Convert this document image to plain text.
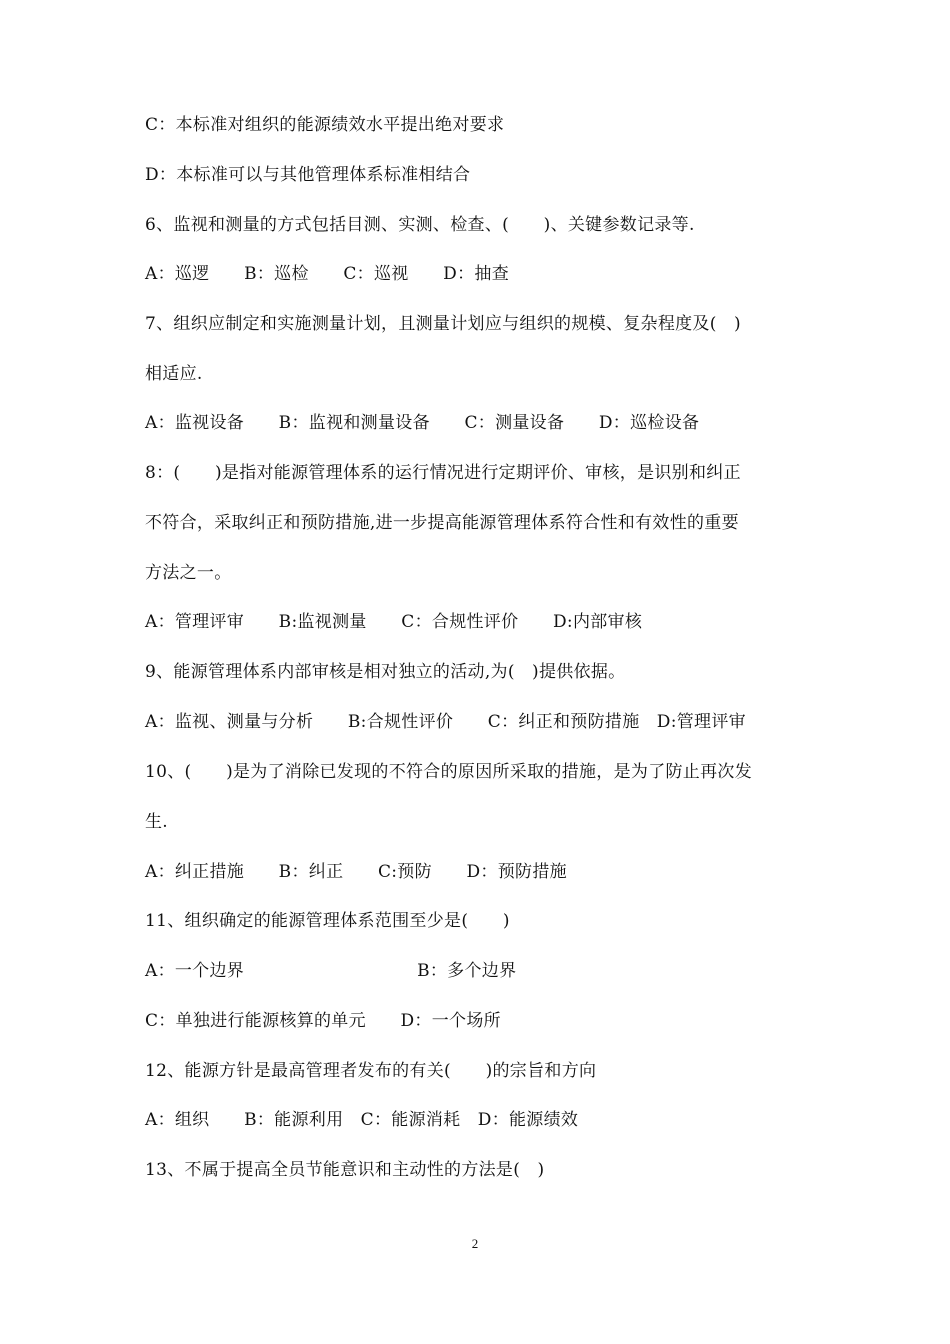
C：本标准对组织的能源绩效水平提出绝对要求
D：本标准可以与其他管理体系标准相结合
6、监视和测量的方式包括目测、实测、检查、(　　)、关键参数记录等.
A：巡逻　　B：巡检　　C：巡视　　D：抽查
7、组织应制定和实施测量计划，且测量计划应与组织的规模、复杂程度及(　)
相适应.
A：监视设备　　B：监视和测量设备　　C：测量设备　　D：巡检设备
8：(　　)是指对能源管理体系的运行情况进行定期评价、审核，是识别和纠正
不符合，采取纠正和预防措施,进一步提高能源管理体系符合性和有效性的重要
方法之一。
A：管理评审　　B:监视测量　　C：合规性评价　　D:内部审核
9、能源管理体系内部审核是相对独立的活动,为(　)提供依据。
A：监视、测量与分析　　B:合规性评价　　C：纠正和预防措施　D:管理评审
10、(　　)是为了消除已发现的不符合的原因所采取的措施，是为了防止再次发
生.
A：纠正措施　　B：纠正　　C:预防　　D：预防措施
11、组织确定的能源管理体系范围至少是(　　)
A：一个边界　　　　　　　　　　B：多个边界
C：单独进行能源核算的单元　　D：一个场所
12、能源方针是最高管理者发布的有关(　　)的宗旨和方向
A：组织　　B：能源利用　C：能源消耗　D：能源绩效
13、不属于提高全员节能意识和主动性的方法是(　)
2
